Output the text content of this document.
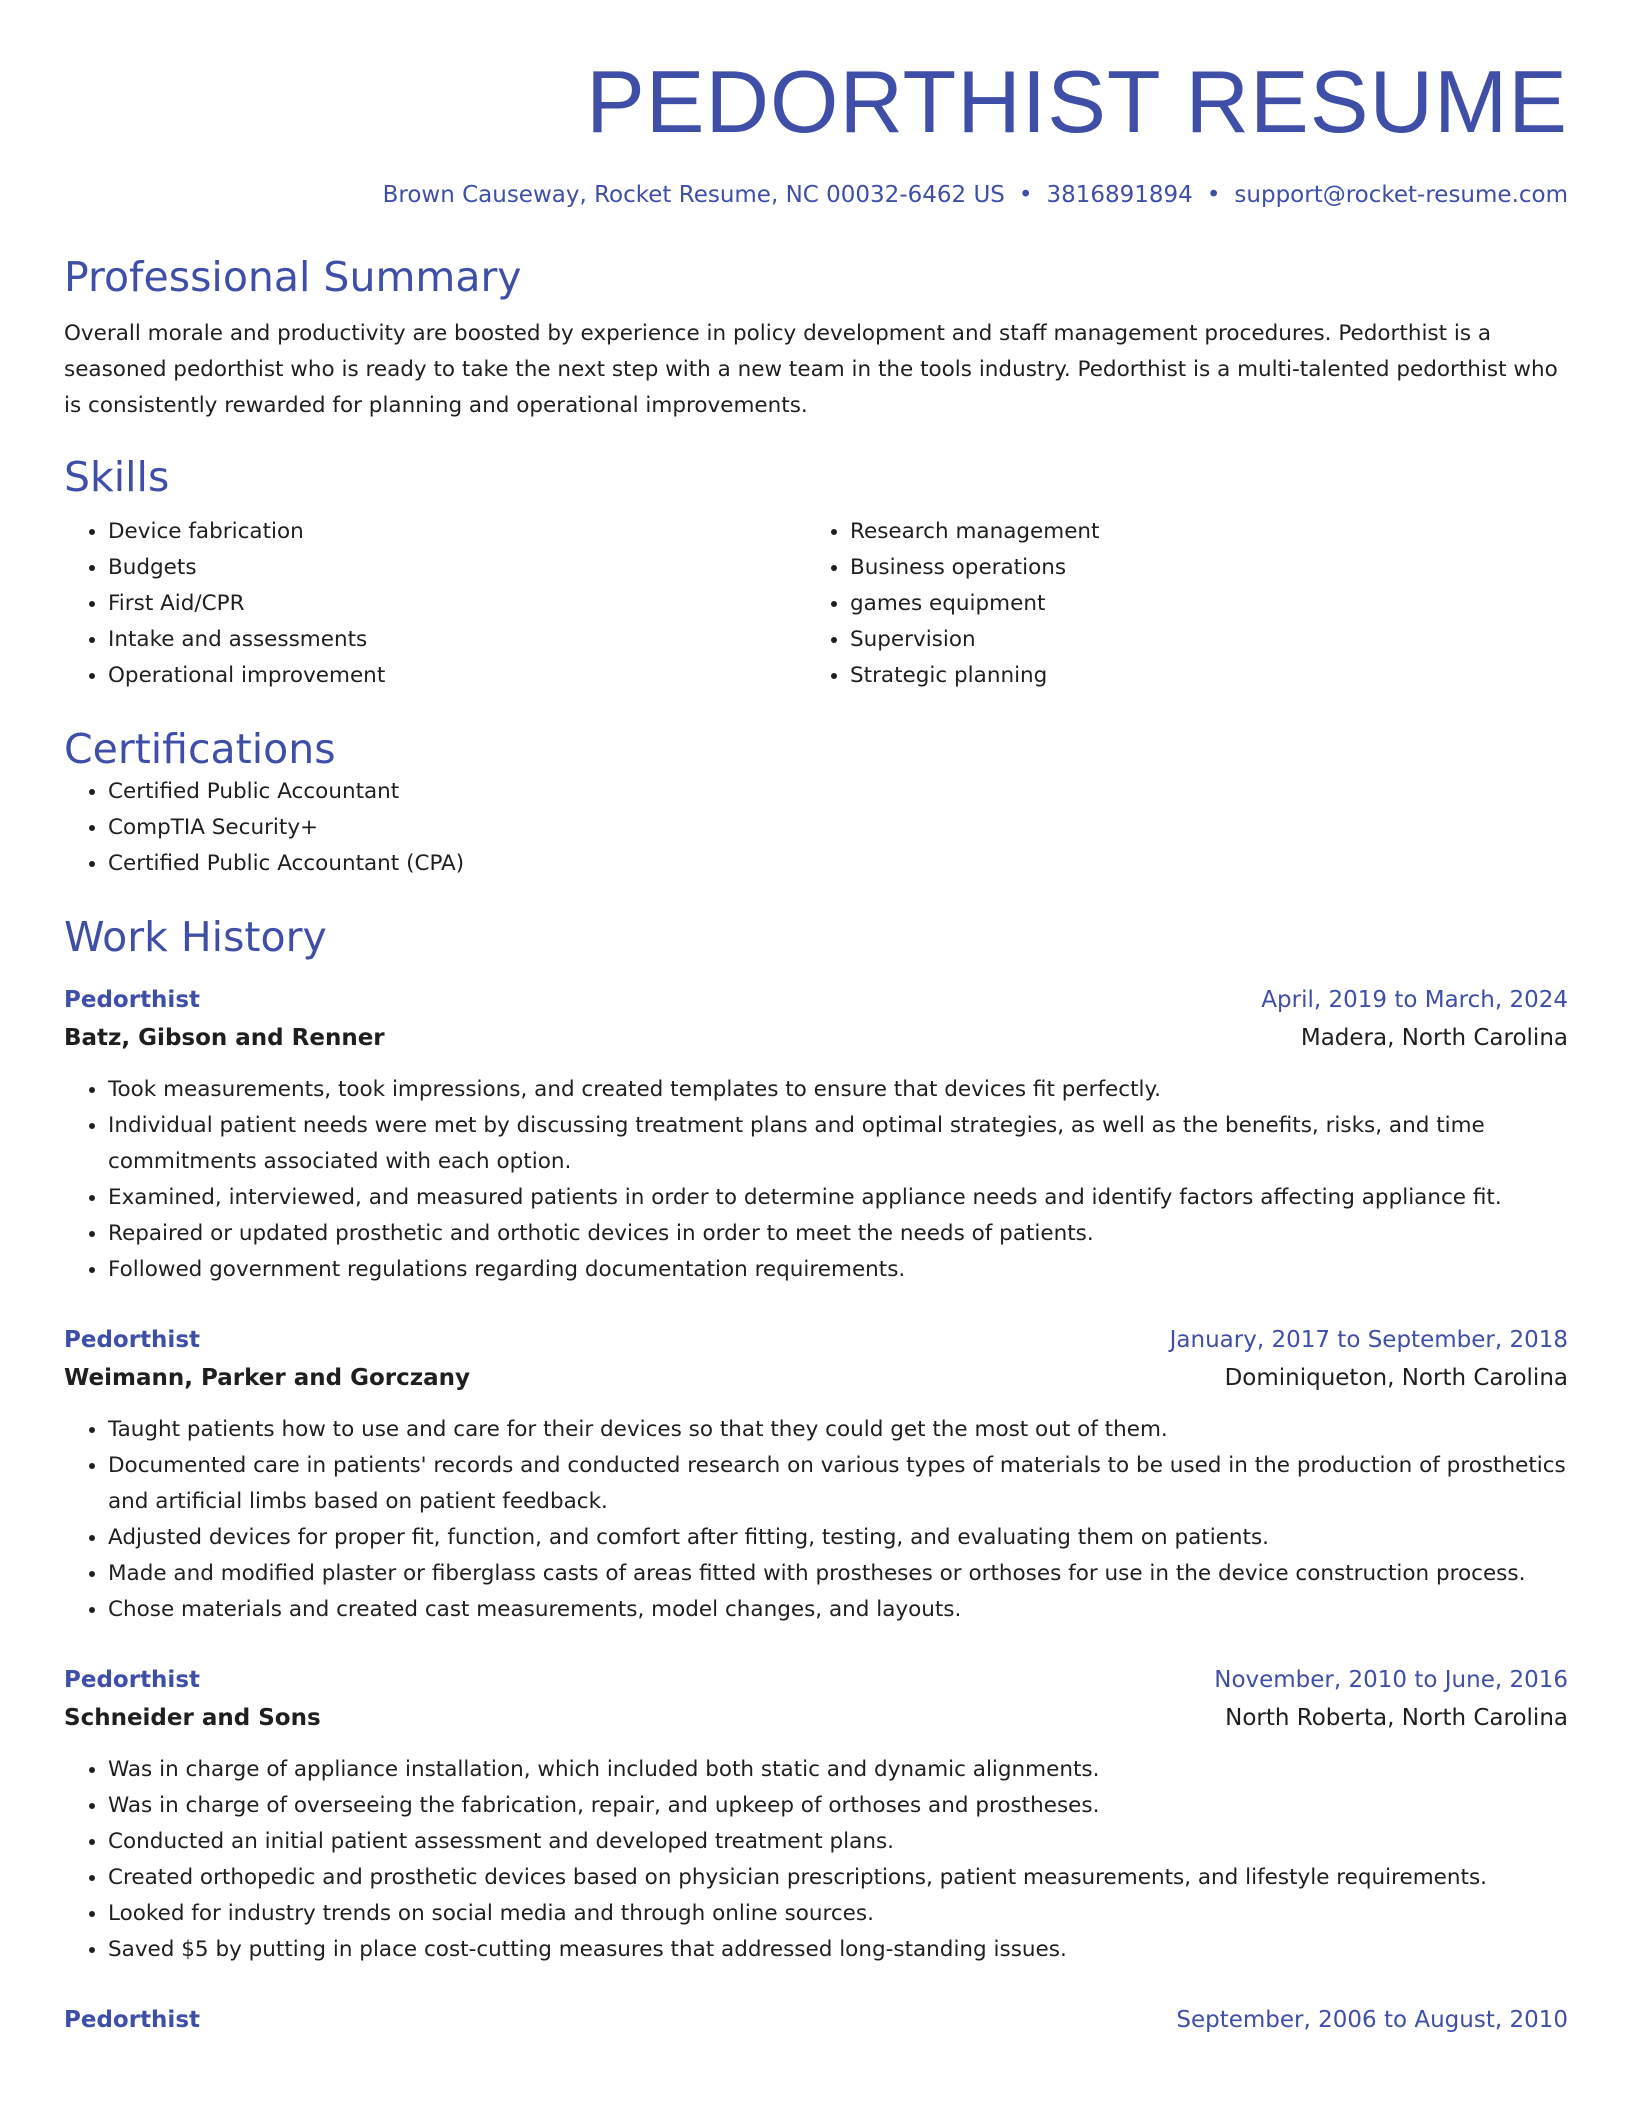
PEDORTHIST RESUME
Brown Causeway, Rocket Resume, NC 00032-6462 US • 3816891894 • support@rocket-resume.com
Professional Summary
Overall morale and productivity are boosted by experience in policy development and staff management procedures. Pedorthist is a seasoned pedorthist who is ready to take the next step with a new team in the tools industry. Pedorthist is a multi-talented pedorthist who is consistently rewarded for planning and operational improvements.
Skills
• Device fabrication
• Budgets
• First Aid/CPR
• Intake and assessments
• Operational improvement
• Research management
• Business operations
• games equipment
• Supervision
• Strategic planning
Certifications
• Certified Public Accountant
• CompTIA Security+
• Certified Public Accountant (CPA)
Work History
Pedorthist	April, 2019 to March, 2024
Batz, Gibson and Renner	Madera, North Carolina
• Took measurements, took impressions, and created templates to ensure that devices fit perfectly.
• Individual patient needs were met by discussing treatment plans and optimal strategies, as well as the benefits, risks, and time commitments associated with each option.
• Examined, interviewed, and measured patients in order to determine appliance needs and identify factors affecting appliance fit.
• Repaired or updated prosthetic and orthotic devices in order to meet the needs of patients.
• Followed government regulations regarding documentation requirements.
Pedorthist	January, 2017 to September, 2018
Weimann, Parker and Gorczany	Dominiqueton, North Carolina
• Taught patients how to use and care for their devices so that they could get the most out of them.
• Documented care in patients' records and conducted research on various types of materials to be used in the production of prosthetics and artificial limbs based on patient feedback.
• Adjusted devices for proper fit, function, and comfort after fitting, testing, and evaluating them on patients.
• Made and modified plaster or fiberglass casts of areas fitted with prostheses or orthoses for use in the device construction process.
• Chose materials and created cast measurements, model changes, and layouts.
Pedorthist	November, 2010 to June, 2016
Schneider and Sons	North Roberta, North Carolina
• Was in charge of appliance installation, which included both static and dynamic alignments.
• Was in charge of overseeing the fabrication, repair, and upkeep of orthoses and prostheses.
• Conducted an initial patient assessment and developed treatment plans.
• Created orthopedic and prosthetic devices based on physician prescriptions, patient measurements, and lifestyle requirements.
• Looked for industry trends on social media and through online sources.
• Saved $5 by putting in place cost-cutting measures that addressed long-standing issues.
Pedorthist	September, 2006 to August, 2010
